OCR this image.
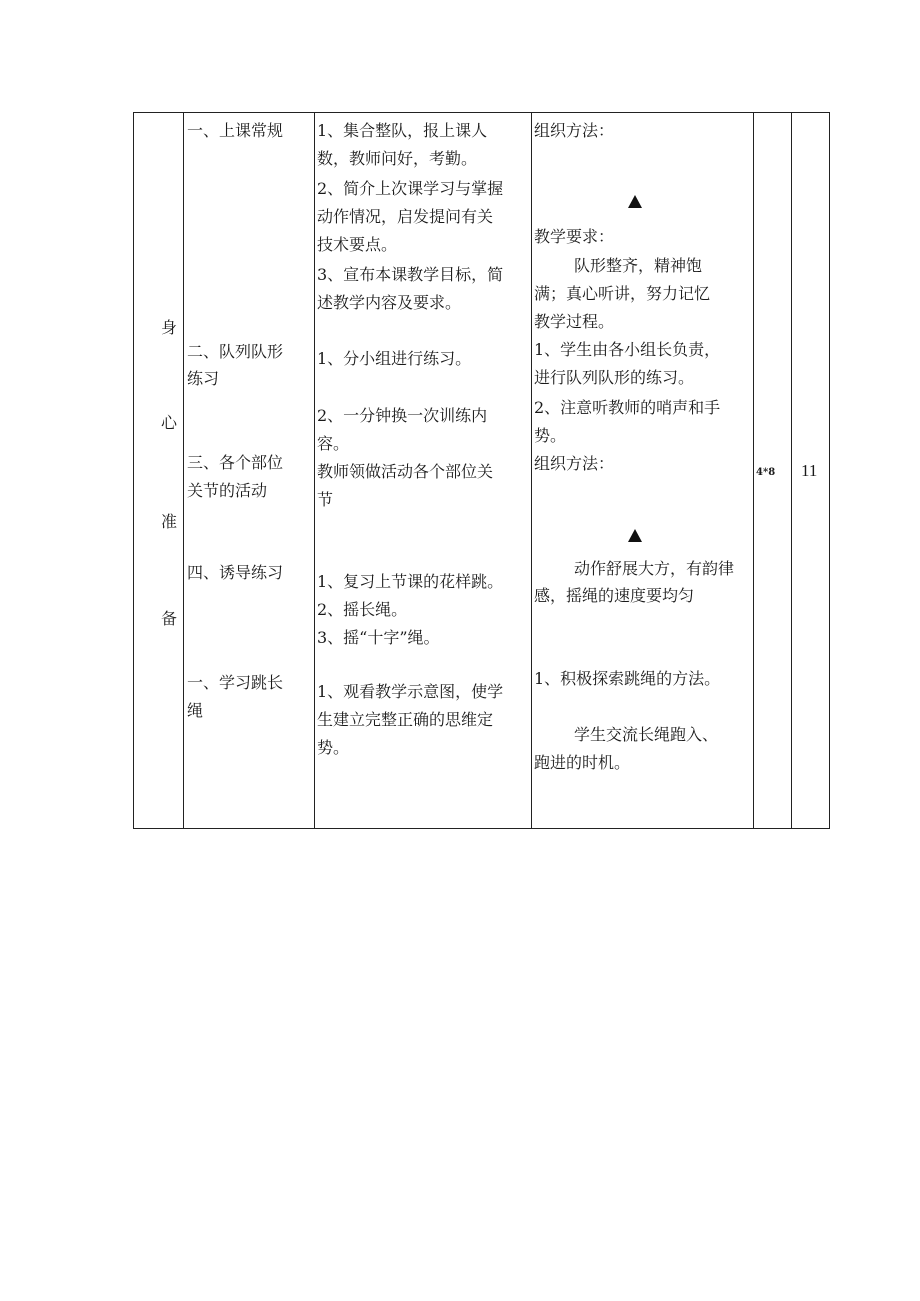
身
心
准
备
一、上课常规
二、队列队形
练习
三、各个部位
关节的活动
四、诱导练习
一、学习跳长
绳
1、集合整队，报上课人
数，教师问好，考勤。
2、简介上次课学习与掌握
动作情况，启发提问有关
技术要点。
3、宣布本课教学目标，简
述教学内容及要求。
1、分小组进行练习。
2、一分钟换一次训练内
容。
教师领做活动各个部位关
节
1、复习上节课的花样跳。
2、摇长绳。
3、摇“十字”绳。
1、观看教学示意图，使学
生建立完整正确的思维定
势。
组织方法：
教学要求：
队形整齐，精神饱
满；真心听讲，努力记忆
教学过程。
1、学生由各小组长负责，
进行队列队形的练习。
2、注意听教师的哨声和手
势。
组织方法：
动作舒展大方，有韵律
感，摇绳的速度要均匀
1、积极探索跳绳的方法。
学生交流长绳跑入、
跑进的时机。
4*8 11
